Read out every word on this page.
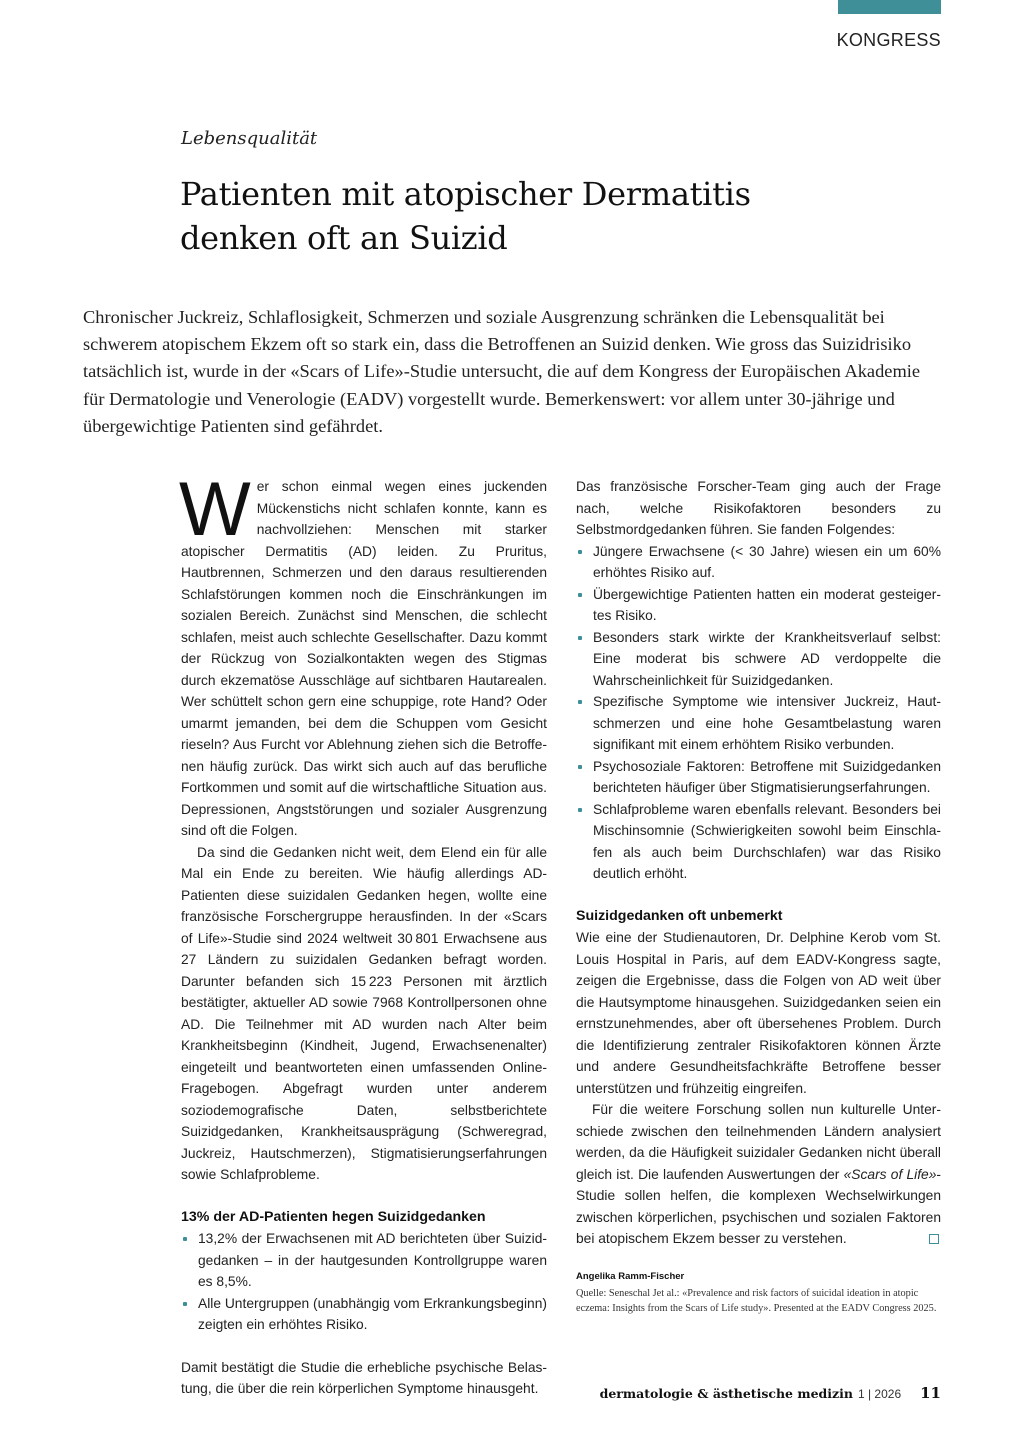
KONGRESS
Lebensqualität
Patienten mit atopischer Dermatitis
denken oft an Suizid

Chronischer Juckreiz, Schlaflosigkeit, Schmerzen und soziale Ausgrenzung schränken die Lebensqualität bei schwerem atopischem Ekzem oft so stark ein, dass die Betroffenen an Suizid denken. Wie gross das Suizidrisiko tatsächlich ist, wurde in der «Scars of Life»-Studie untersucht, die auf dem Kongress der Europäischen Akademie für Dermatologie und Venerologie (EADV) vorgestellt wurde. Bemerkenswert: vor allem unter 30-jährige und übergewichtige Patienten sind gefährdet.

Wer schon einmal wegen eines juckenden Mückenstichs nicht schlafen konnte, kann es nachvollziehen: Menschen mit starker atopischer Dermatitis (AD) leiden. Zu Pruritus, Hautbrennen, Schmerzen und den daraus resultierenden Schlafstörungen kommen noch die Einschränkungen im sozialen Bereich. Zunächst sind Menschen, die schlecht schlafen, meist auch schlechte Gesellschafter. Dazu kommt der Rückzug von Sozialkontakten wegen des Stigmas durch ekzematöse Ausschläge auf sichtbaren Hautarealen. Wer schüttelt schon gern eine schuppige, rote Hand? Oder umarmt jemanden, bei dem die Schuppen vom Gesicht rieseln? Aus Furcht vor Ablehnung ziehen sich die Betroffenen häufig zurück. Das wirkt sich auch auf das berufliche Fortkommen und somit auf die wirtschaftliche Situation aus. Depressionen, Angststörungen und sozialer Ausgrenzung sind oft die Folgen.

Da sind die Gedanken nicht weit, dem Elend ein für alle Mal ein Ende zu bereiten. Wie häufig allerdings AD-Patienten diese suizidalen Gedanken hegen, wollte eine französische Forschergruppe herausfinden. In der «Scars of Life»-Studie sind 2024 weltweit 30 801 Erwachsene aus 27 Ländern zu suizidalen Gedanken befragt worden. Darunter befanden sich 15 223 Personen mit ärztlich bestätigter, aktueller AD sowie 7968 Kontrollpersonen ohne AD. Die Teilnehmer mit AD wurden nach Alter beim Krankheitsbeginn (Kindheit, Jugend, Erwachsenenalter) eingeteilt und beantworteten einen umfassenden Online-Fragebogen. Abgefragt wurden unter anderem soziodemografische Daten, selbstberichtete Suizidgedanken, Krankheitsausprägung (Schweregrad, Juckreiz, Hautschmerzen), Stigmatisierungserfahrungen sowie Schlafprobleme.

13% der AD-Patienten hegen Suizidgedanken

13,2% der Erwachsenen mit AD berichteten über Suizidgedanken – in der hautgesunden Kontrollgruppe waren es 8,5%.
Alle Untergruppen (unabhängig vom Erkrankungsbeginn) zeigten ein erhöhtes Risiko.

Damit bestätigt die Studie die erhebliche psychische Belastung, die über die rein körperlichen Symptome hinausgeht.

Das französische Forscher-Team ging auch der Frage nach, welche Risikofaktoren besonders zu Selbstmordgedanken führen. Sie fanden Folgendes:

Jüngere Erwachsene (< 30 Jahre) wiesen ein um 60% erhöhtes Risiko auf.
Übergewichtige Patienten hatten ein moderat gesteigertes Risiko.
Besonders stark wirkte der Krankheitsverlauf selbst: Eine moderat bis schwere AD verdoppelte die Wahrscheinlichkeit für Suizidgedanken.
Spezifische Symptome wie intensiver Juckreiz, Hautschmerzen und eine hohe Gesamtbelastung waren signifikant mit einem erhöhtem Risiko verbunden.
Psychosoziale Faktoren: Betroffene mit Suizidgedanken berichteten häufiger über Stigmatisierungserfahrungen.
Schlafprobleme waren ebenfalls relevant. Besonders bei Mischinsomnie (Schwierigkeiten sowohl beim Einschlafen als auch beim Durchschlafen) war das Risiko deutlich erhöht.

Suizidgedanken oft unbemerkt

Wie eine der Studienautoren, Dr. Delphine Kerob vom St. Louis Hospital in Paris, auf dem EADV-Kongress sagte, zeigen die Ergebnisse, dass die Folgen von AD weit über die Hautsymptome hinausgehen. Suizidgedanken seien ein ernstzunehmendes, aber oft übersehenes Problem. Durch die Identifizierung zentraler Risikofaktoren können Ärzte und andere Gesundheitsfachkräfte Betroffene besser unterstützen und frühzeitig eingreifen.

Für die weitere Forschung sollen nun kulturelle Unterschiede zwischen den teilnehmenden Ländern analysiert werden, da die Häufigkeit suizidaler Gedanken nicht überall gleich ist. Die laufenden Auswertungen der «Scars of Life»-Studie sollen helfen, die komplexen Wechselwirkungen zwischen körperlichen, psychischen und sozialen Faktoren bei atopischem Ekzem besser zu verstehen.

Angelika Ramm-Fischer

Quelle: Seneschal Jet al.: «Prevalence and risk factors of suicidal ideation in atopic eczema: Insights from the Scars of Life study». Presented at the EADV Congress 2025.

dermatologie & ästhetische medizin 1 | 2026 11
